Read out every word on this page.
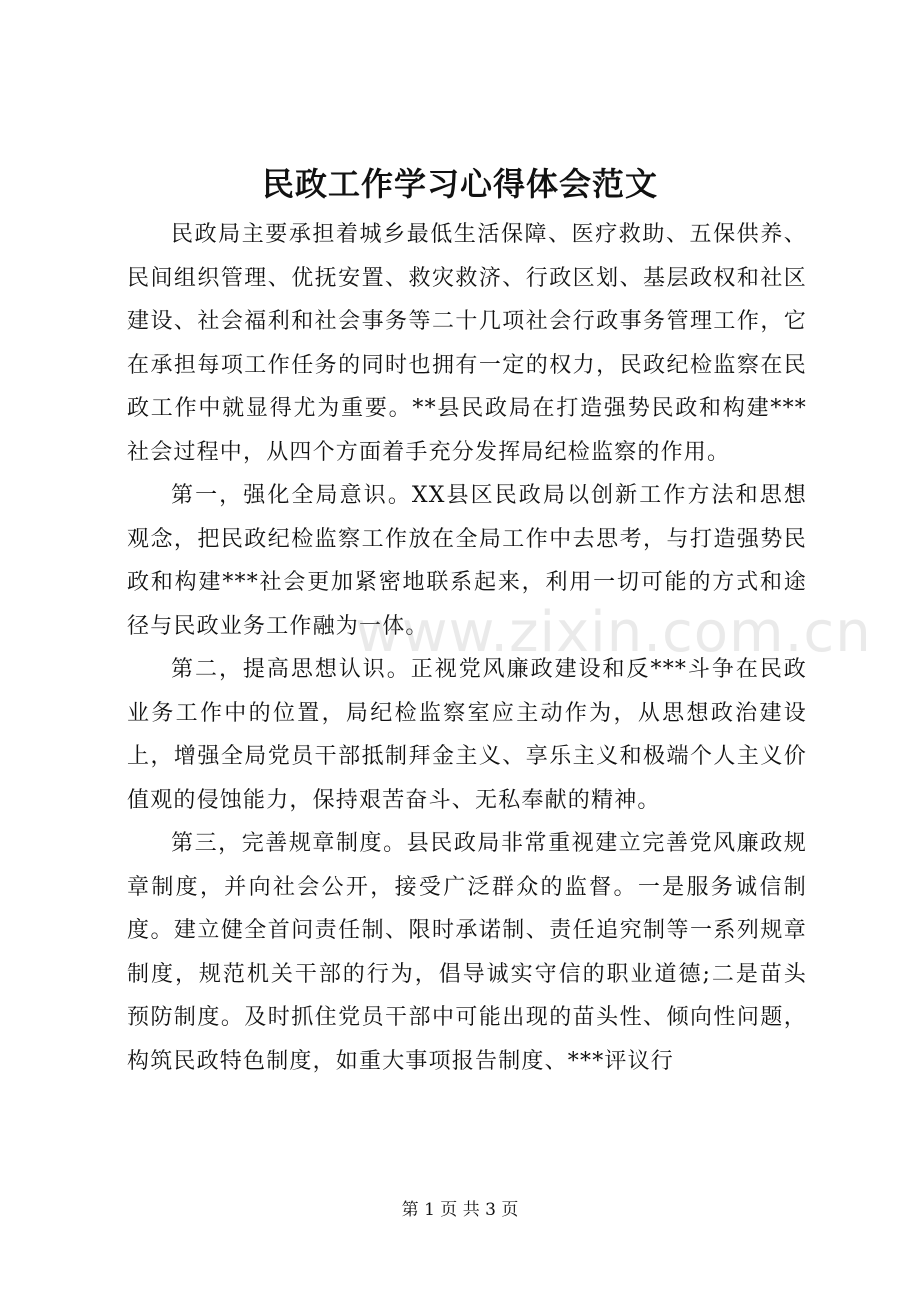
民政工作学习心得体会范文

民政局主要承担着城乡最低生活保障、医疗救助、五保供养、民间组织管理、优抚安置、救灾救济、行政区划、基层政权和社区建设、社会福利和社会事务等二十几项社会行政事务管理工作，它在承担每项工作任务的同时也拥有一定的权力，民政纪检监察在民政工作中就显得尤为重要。**县民政局在打造强势民政和构建***社会过程中，从四个方面着手充分发挥局纪检监察的作用。

第一，强化全局意识。XX县区民政局以创新工作方法和思想观念，把民政纪检监察工作放在全局工作中去思考，与打造强势民政和构建***社会更加紧密地联系起来，利用一切可能的方式和途径与民政业务工作融为一体。

第二，提高思想认识。正视党风廉政建设和反***斗争在民政业务工作中的位置，局纪检监察室应主动作为，从思想政治建设上，增强全局党员干部抵制拜金主义、享乐主义和极端个人主义价值观的侵蚀能力，保持艰苦奋斗、无私奉献的精神。

第三，完善规章制度。县民政局非常重视建立完善党风廉政规章制度，并向社会公开，接受广泛群众的监督。一是服务诚信制度。建立健全首问责任制、限时承诺制、责任追究制等一系列规章制度，规范机关干部的行为，倡导诚实守信的职业道德;二是苗头预防制度。及时抓住党员干部中可能出现的苗头性、倾向性问题，构筑民政特色制度，如重大事项报告制度、***评议行

www.zixin.com.cn
第 1 页 共 3 页
